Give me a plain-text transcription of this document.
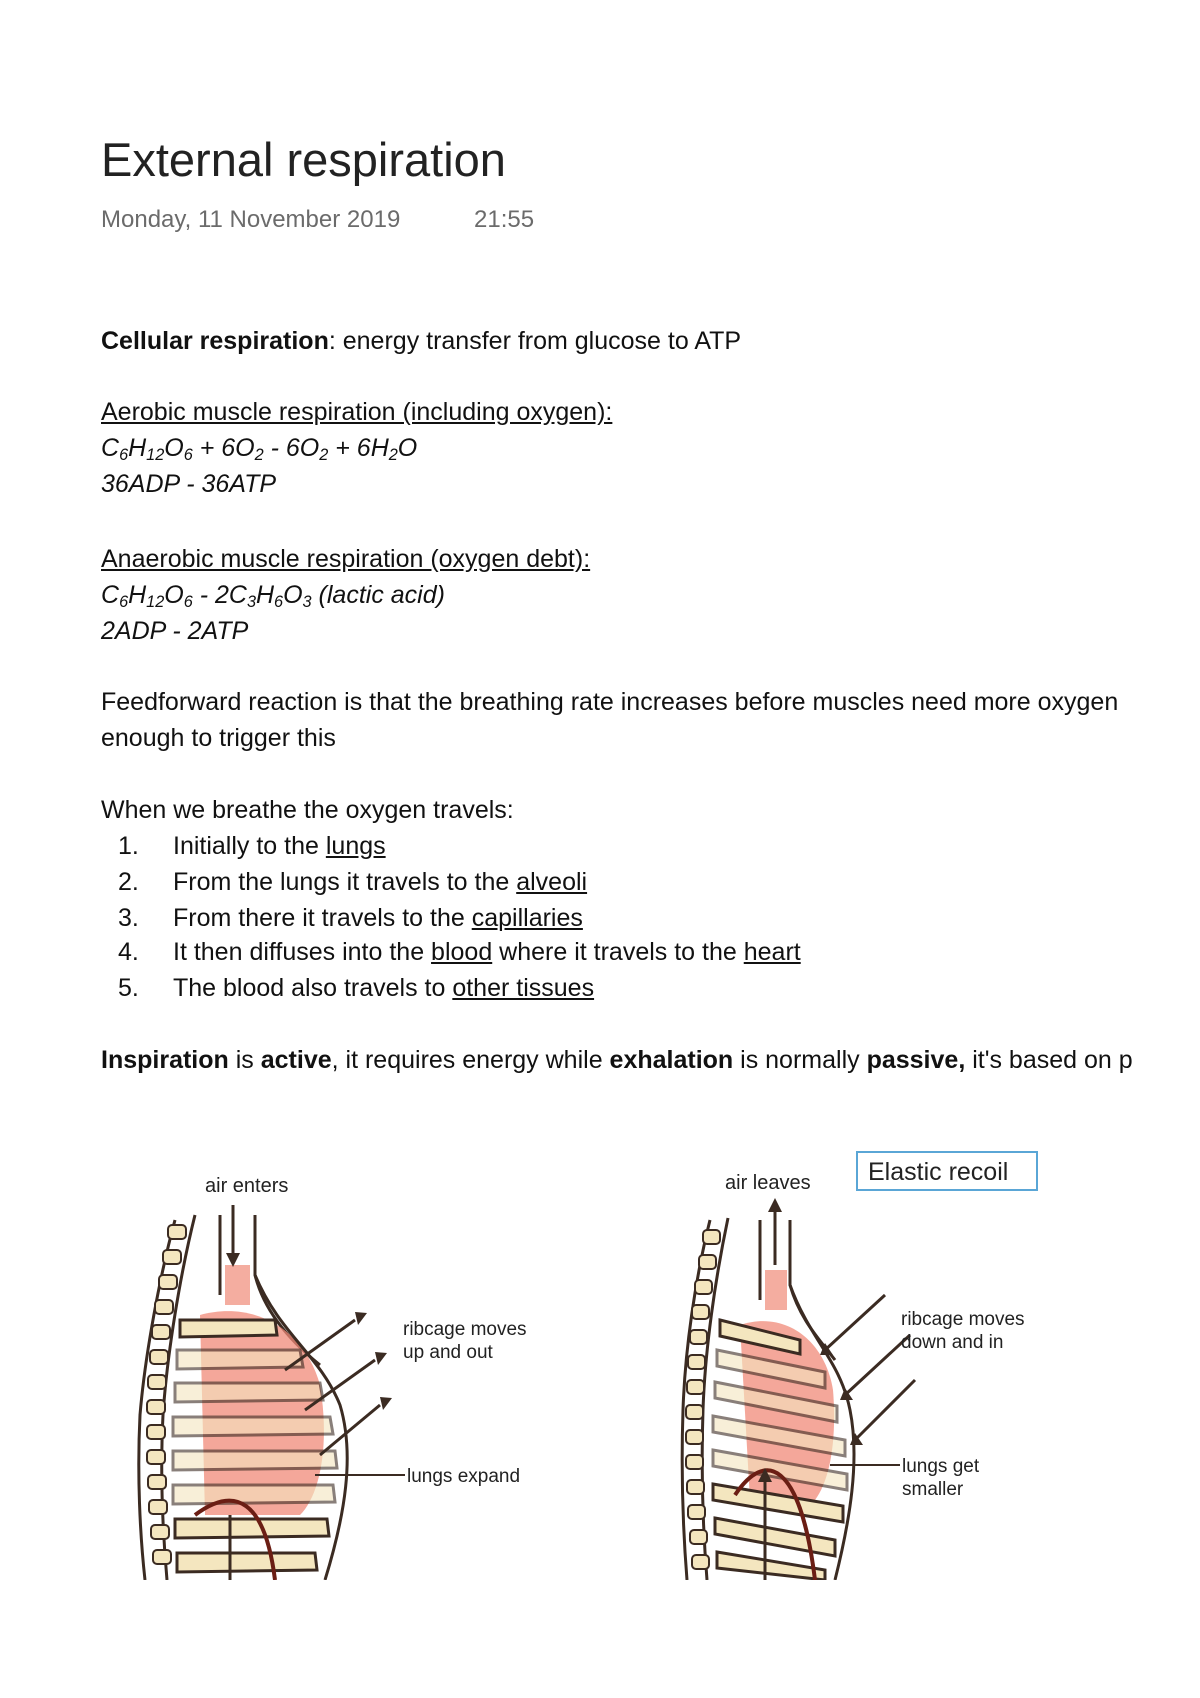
External respiration
Monday, 11 November 2019	21:55
Cellular respiration: energy transfer from glucose to ATP
Aerobic muscle respiration (including oxygen):
$C_6H_{12}O_6 + 6O_2 - 6O_2 + 6H_2O$
36ADP - 36ATP
Anaerobic muscle respiration (oxygen debt):
$C_6H_{12}O_6 - 2C_3H_6O_3$ (lactic acid)
2ADP - 2ATP
Feedforward reaction is that the breathing rate increases before muscles need more oxygen
enough to trigger this
When we breathe the oxygen travels:
1. Initially to the lungs
2. From the lungs it travels to the alveoli
3. From there it travels to the capillaries
4. It then diffuses into the blood where it travels to the heart
5. The blood also travels to other tissues
Inspiration is active, it requires energy while exhalation is normally passive, it's based on p
air enters
ribcage moves
up and out
lungs expand
Elastic recoil
air leaves
ribcage moves
down and in
lungs get
smaller
